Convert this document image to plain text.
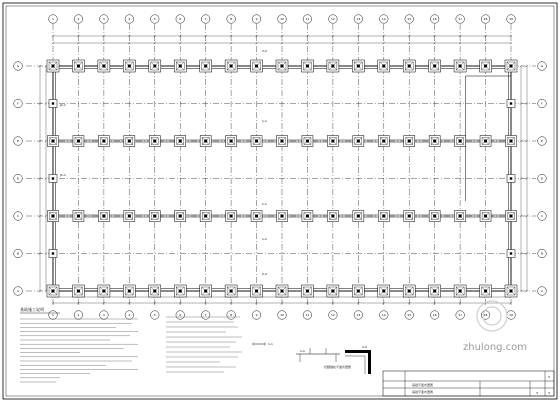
1
1
2
2
3
3
4
4
5
5
6
6
7
7
8
8
9
9
10
10
11
11
12
12
13
13
14
14
15
15
16
16
17
17
18
18
19
19
G	G
F	F
E	E
D	D
C	C
B	B
A	A
2-2
1-1
1-1
1-1
2-2
JC-1
JC-1
基础施工说明
1-1
1-1
柱脚锚栓平面布置图
2-2
基础平面布置图
基础平面布置图
3
3	3
zhulong.com
